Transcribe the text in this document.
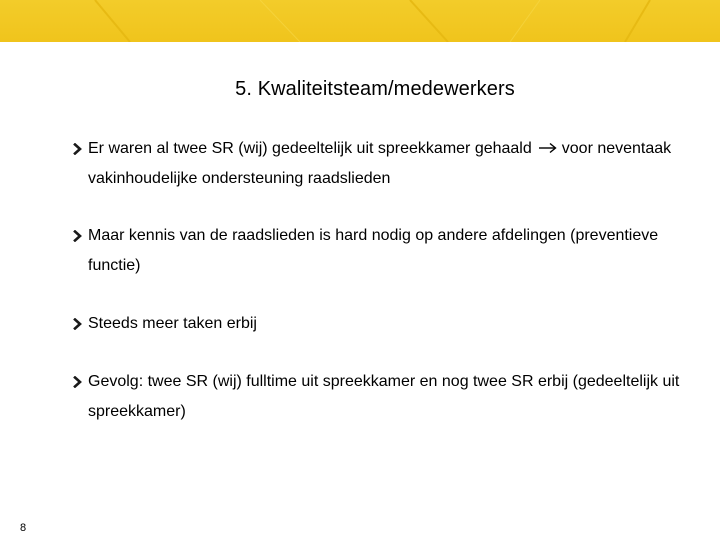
5. Kwaliteitsteam/medewerkers
Er waren al twee SR (wij) gedeeltelijk uit spreekkamer gehaald voor neventaak vakinhoudelijke ondersteuning raadslieden
Maar kennis van de raadslieden is hard nodig op andere afdelingen (preventieve functie)
Steeds meer taken erbij
Gevolg: twee SR (wij) fulltime uit spreekkamer en nog twee SR erbij (gedeeltelijk uit spreekkamer)
8
